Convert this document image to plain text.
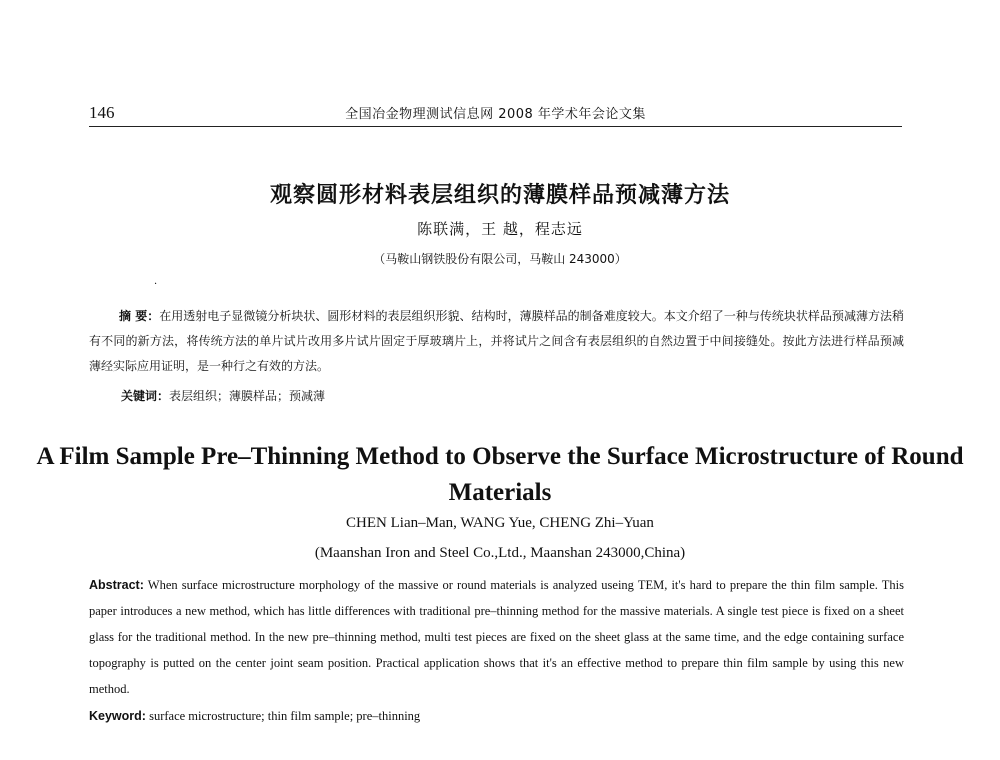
146	全国冶金物理测试信息网 2008 年学术年会论文集
观察圆形材料表层组织的薄膜样品预减薄方法
陈联满，王 越，程志远
（马鞍山钢铁股份有限公司，马鞍山 243000）
·
摘 要：在用透射电子显微镜分析块状、圆形材料的表层组织形貌、结构时，薄膜样品的制备难度较大。本文介绍了一种与传统块状样品预减薄方法稍有不同的新方法，将传统方法的单片试片改用多片试片固定于厚玻璃片上，并将试片之间含有表层组织的自然边置于中间接缝处。按此方法进行样品预减薄经实际应用证明，是一种行之有效的方法。
关键词：表层组织；薄膜样品；预减薄
A Film Sample Pre–Thinning Method to Observe the Surface Microstructure of Round Materials
CHEN Lian–Man, WANG Yue, CHENG Zhi–Yuan
(Maanshan Iron and Steel Co.,Ltd., Maanshan 243000,China)
Abstract: When surface microstructure morphology of the massive or round materials is analyzed useing TEM, it's hard to prepare the thin film sample. This paper introduces a new method, which has little differences with traditional pre–thinning method for the massive materials. A single test piece is fixed on a sheet glass for the traditional method. In the new pre–thinning method, multi test pieces are fixed on the sheet glass at the same time, and the edge containing surface topography is putted on the center joint seam position. Practical application shows that it's an effective method to prepare thin film sample by using this new method.
Keyword: surface microstructure; thin film sample; pre–thinning
